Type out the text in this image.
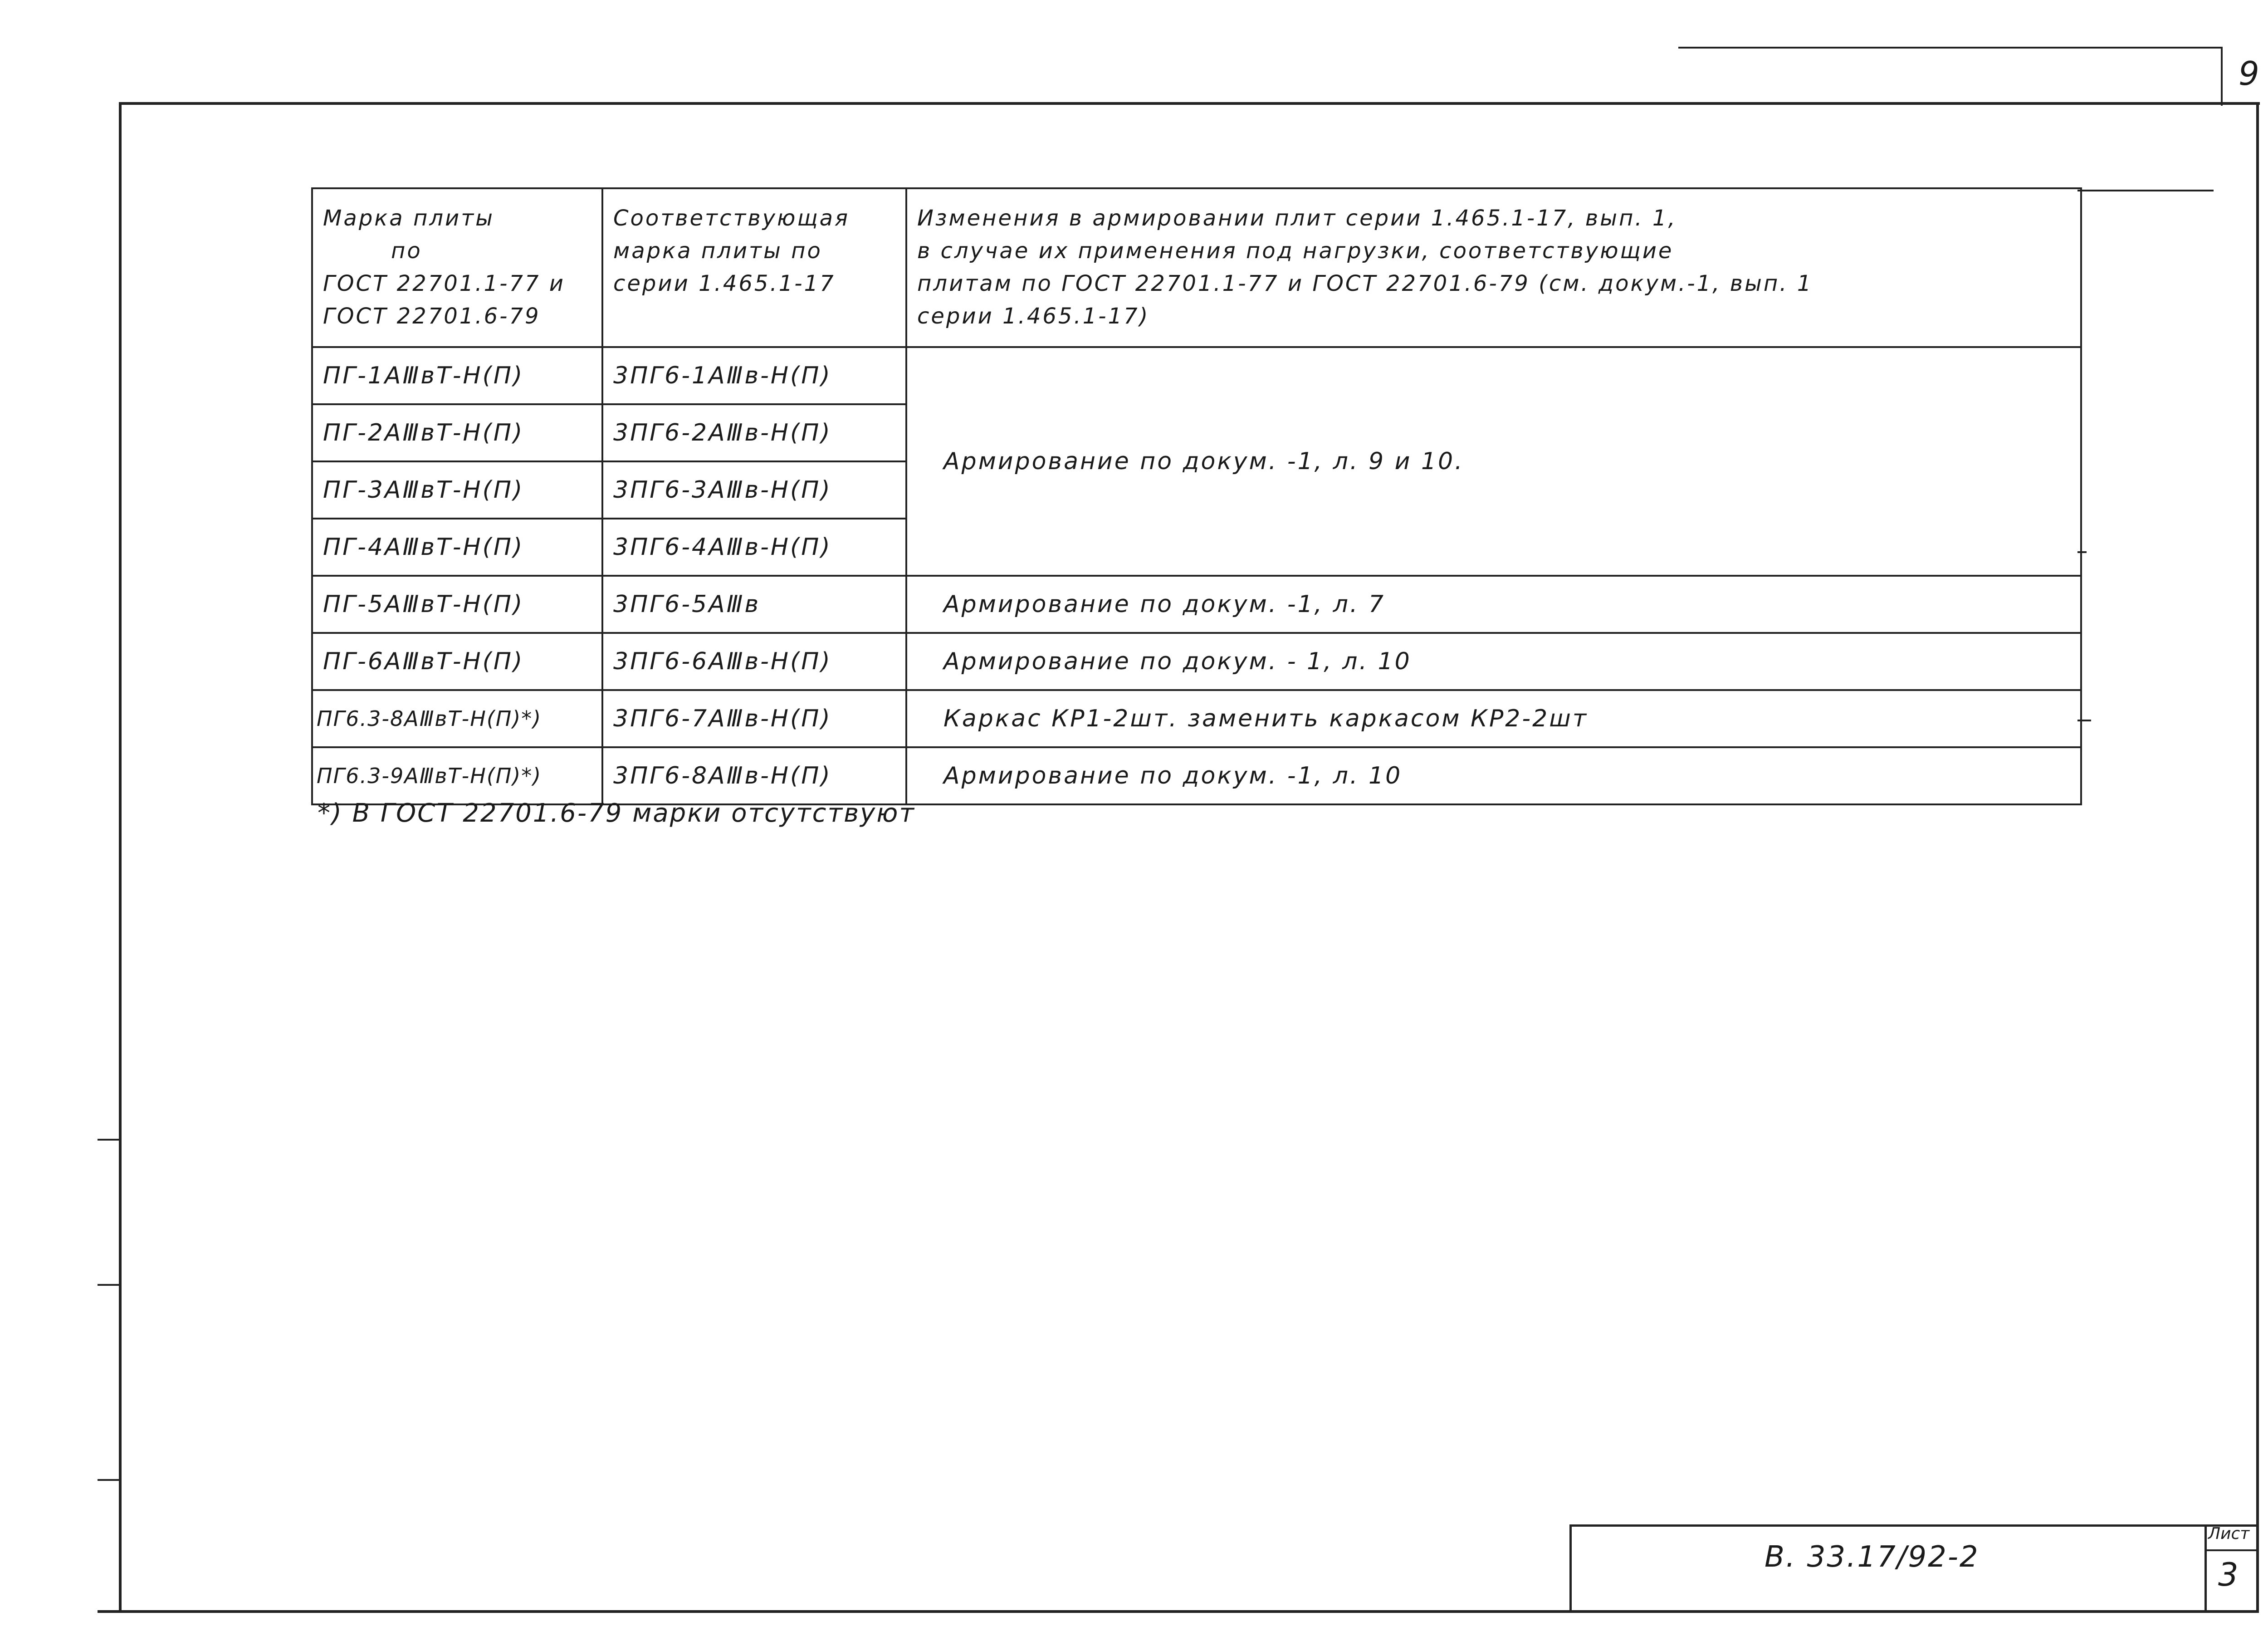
9
В. 33.17/92-2
Лист
3
Марка плиты
по
ГОСТ 22701.1-77 и
ГОСТ 22701.6-79	Соответствующая
марка плиты по
серии 1.465.1-17	Изменения в армировании плит серии 1.465.1-17, вып. 1,
в случае их применения под нагрузки, соответствующие
плитам по ГОСТ 22701.1-77 и ГОСТ 22701.6-79 (см. докум.-1, вып. 1
серии 1.465.1-17)

ПГ-1АⅢвТ-Н(П)	3ПГ6-1АⅢв-Н(П)	Армирование по докум. -1, л. 9 и 10.
ПГ-2АⅢвТ-Н(П)	3ПГ6-2АⅢв-Н(П)	
ПГ-3АⅢвТ-Н(П)	3ПГ6-3АⅢв-Н(П)	
ПГ-4АⅢвТ-Н(П)	3ПГ6-4АⅢв-Н(П)	
ПГ-5АⅢвТ-Н(П)	3ПГ6-5АⅢв	Армирование по докум. -1, л. 7
ПГ-6АⅢвТ-Н(П)	3ПГ6-6АⅢв-Н(П)	Армирование по докум. - 1, л. 10
ПГ6.3-8АⅢвТ-Н(П)*)	3ПГ6-7АⅢв-Н(П)	Каркас КР1-2шт. заменить каркасом КР2-2шт
ПГ6.3-9АⅢвТ-Н(П)*)	3ПГ6-8АⅢв-Н(П)	Армирование по докум. -1, л. 10
*) В ГОСТ 22701.6-79 марки отсутствуют
